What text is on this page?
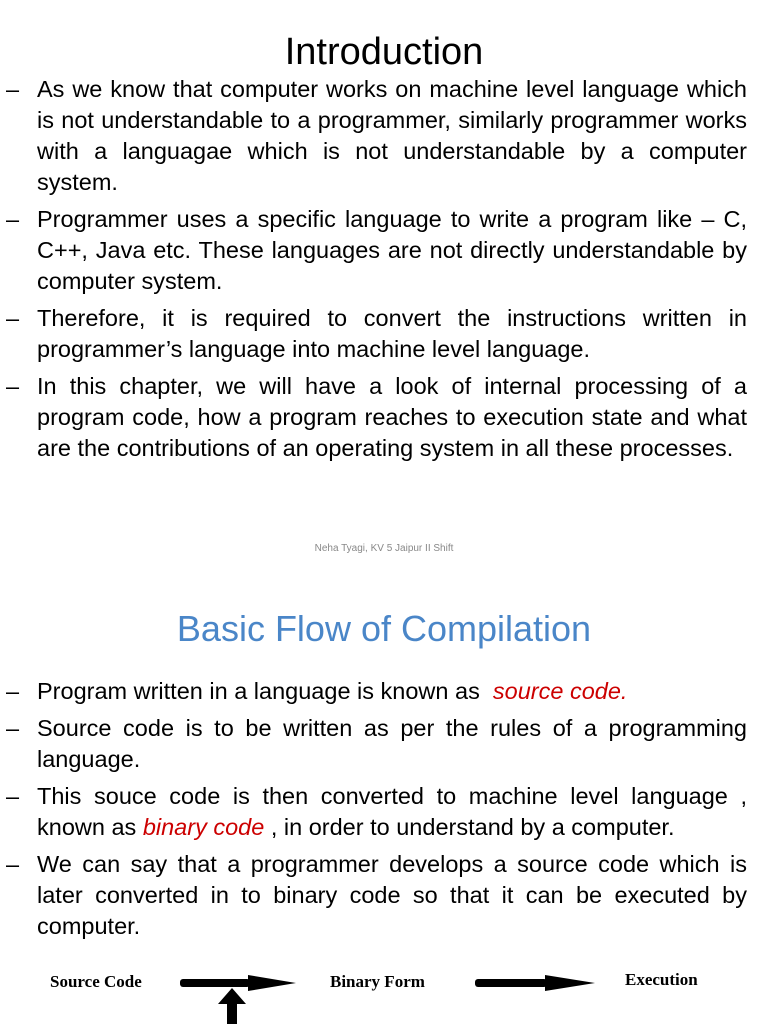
Introduction
– As we know that computer works on machine level language which is not understandable to a programmer, similarly programmer works with a languagae which is not understandable by a computer system.
– Programmer uses a specific language to write a program like – C, C++, Java etc. These languages are not directly understandable by computer system.
– Therefore, it is required to convert the instructions written in programmer’s language into machine level language.
– In this chapter, we will have a look of internal processing of a program code, how a program reaches to execution state and what are the contributions of an operating system in all these processes.
Neha Tyagi, KV 5 Jaipur II Shift
Basic Flow of Compilation
– Program written in a language is known as  source code.
– Source code is to be written as per the rules of a programming language.
– This souce code is then converted to machine level language , known as binary code , in order to understand by a computer.
– We can say that a programmer develops a source code which is later converted in to binary code so that it can be executed by computer.
Source Code	Binary Form	Execution
